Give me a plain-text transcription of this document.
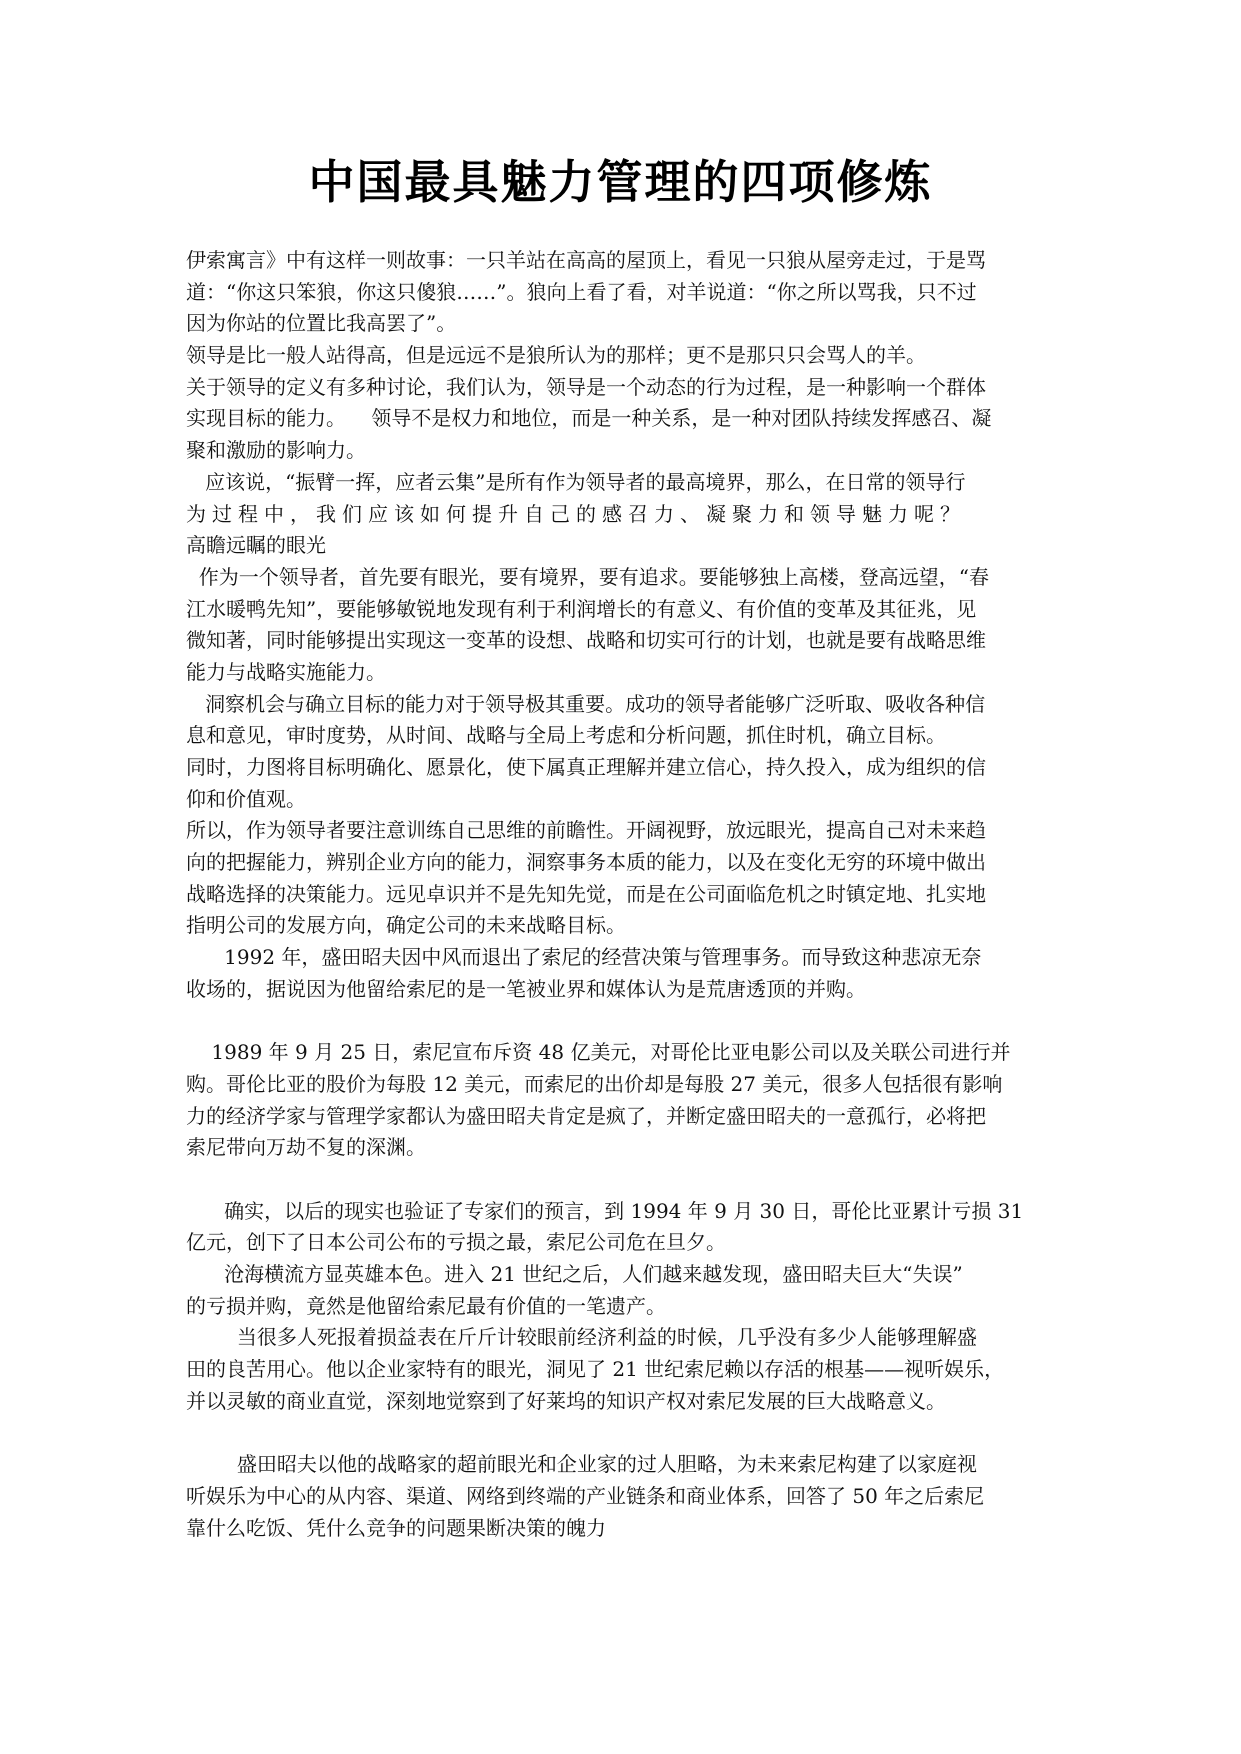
中国最具魅力管理的四项修炼
伊索寓言》中有这样一则故事：一只羊站在高高的屋顶上，看见一只狼从屋旁走过，于是骂
道：“你这只笨狼，你这只傻狼……”。狼向上看了看，对羊说道：“你之所以骂我，只不过
因为你站的位置比我高罢了”。
领导是比一般人站得高，但是远远不是狼所认为的那样；更不是那只只会骂人的羊。
关于领导的定义有多种讨论，我们认为，领导是一个动态的行为过程，是一种影响一个群体
实现目标的能力。    领导不是权力和地位，而是一种关系，是一种对团队持续发挥感召、凝
聚和激励的影响力。
应该说，“振臂一挥，应者云集”是所有作为领导者的最高境界，那么，在日常的领导行
为过程中，我们应该如何提升自己的感召力、凝聚力和领导魅力呢？
高瞻远瞩的眼光
作为一个领导者，首先要有眼光，要有境界，要有追求。要能够独上高楼，登高远望，“春
江水暖鸭先知”，要能够敏锐地发现有利于利润增长的有意义、有价值的变革及其征兆，见
微知著，同时能够提出实现这一变革的设想、战略和切实可行的计划，也就是要有战略思维
能力与战略实施能力。
洞察机会与确立目标的能力对于领导极其重要。成功的领导者能够广泛听取、吸收各种信
息和意见，审时度势，从时间、战略与全局上考虑和分析问题，抓住时机，确立目标。
同时，力图将目标明确化、愿景化，使下属真正理解并建立信心，持久投入，成为组织的信
仰和价值观。
所以，作为领导者要注意训练自己思维的前瞻性。开阔视野，放远眼光，提高自己对未来趋
向的把握能力，辨别企业方向的能力，洞察事务本质的能力，以及在变化无穷的环境中做出
战略选择的决策能力。远见卓识并不是先知先觉，而是在公司面临危机之时镇定地、扎实地
指明公司的发展方向，确定公司的未来战略目标。
1992 年，盛田昭夫因中风而退出了索尼的经营决策与管理事务。而导致这种悲凉无奈
收场的，据说因为他留给索尼的是一笔被业界和媒体认为是荒唐透顶的并购。
1989 年 9 月 25 日，索尼宣布斥资 48 亿美元，对哥伦比亚电影公司以及关联公司进行并
购。哥伦比亚的股价为每股 12 美元，而索尼的出价却是每股 27 美元，很多人包括很有影响
力的经济学家与管理学家都认为盛田昭夫肯定是疯了，并断定盛田昭夫的一意孤行，必将把
索尼带向万劫不复的深渊。
确实，以后的现实也验证了专家们的预言，到 1994 年 9 月 30 日，哥伦比亚累计亏损 31
亿元，创下了日本公司公布的亏损之最，索尼公司危在旦夕。
沧海横流方显英雄本色。进入 21 世纪之后，人们越来越发现，盛田昭夫巨大“失误”
的亏损并购，竟然是他留给索尼最有价值的一笔遗产。
当很多人死报着损益表在斤斤计较眼前经济利益的时候，几乎没有多少人能够理解盛
田的良苦用心。他以企业家特有的眼光，洞见了 21 世纪索尼赖以存活的根基——视听娱乐，
并以灵敏的商业直觉，深刻地觉察到了好莱坞的知识产权对索尼发展的巨大战略意义。
盛田昭夫以他的战略家的超前眼光和企业家的过人胆略，为未来索尼构建了以家庭视
听娱乐为中心的从内容、渠道、网络到终端的产业链条和商业体系，回答了 50 年之后索尼
靠什么吃饭、凭什么竞争的问题果断决策的魄力
